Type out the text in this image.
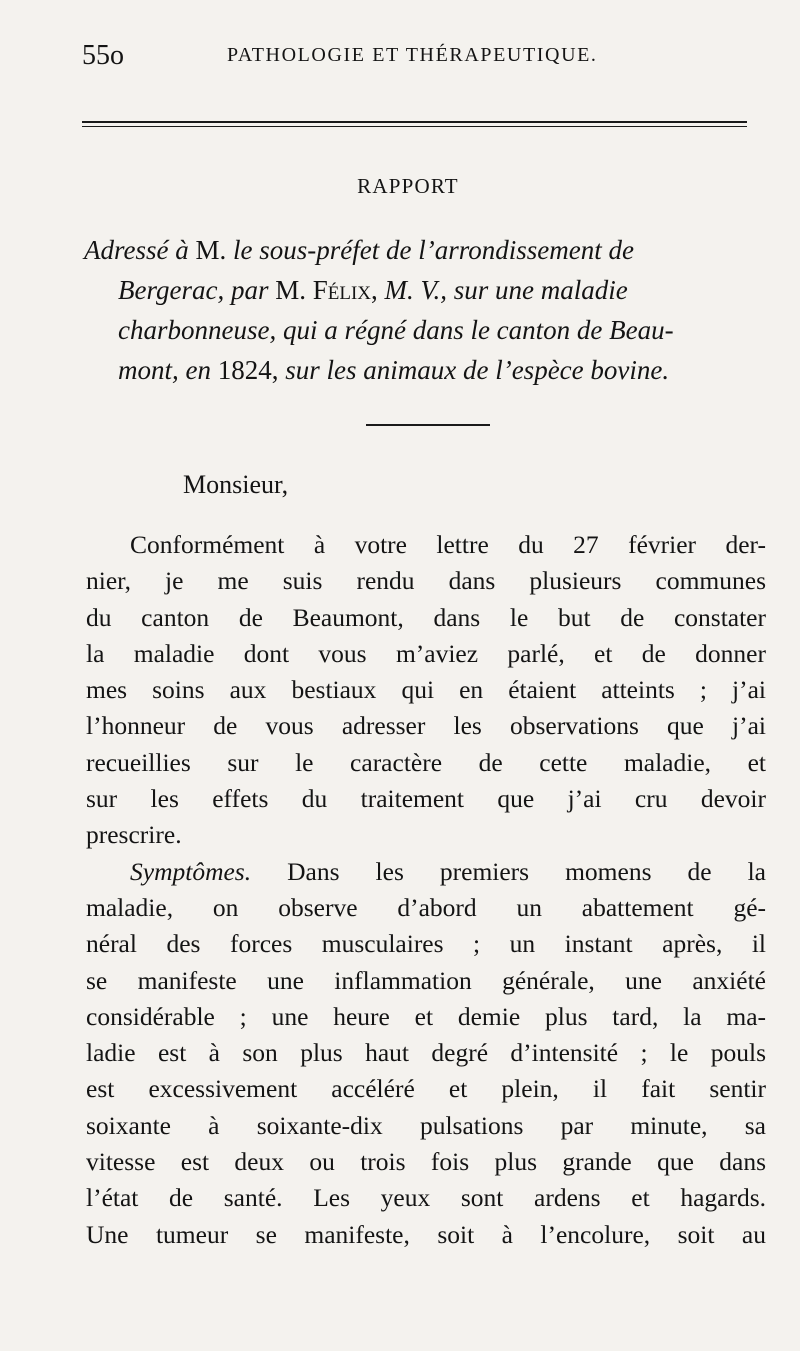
55o	PATHOLOGIE ET THÉRAPEUTIQUE.
RAPPORT
Adressé à M. le sous-préfet de l’arrondissement de
Bergerac, par M. Félix, M. V., sur une maladie
charbonneuse, qui a régné dans le canton de Beau-
mont, en 1824, sur les animaux de l’espèce bovine.
Monsieur,
Conformément à votre lettre du 27 février der-
nier, je me suis rendu dans plusieurs communes
du canton de Beaumont, dans le but de constater
la maladie dont vous m’aviez parlé, et de donner
mes soins aux bestiaux qui en étaient atteints ; j’ai
l’honneur de vous adresser les observations que j’ai
recueillies sur le caractère de cette maladie, et
sur les effets du traitement que j’ai cru devoir
prescrire.
Symptômes. Dans les premiers momens de la
maladie, on observe d’abord un abattement gé-
néral des forces musculaires ; un instant après, il
se manifeste une inflammation générale, une anxiété
considérable ; une heure et demie plus tard, la ma-
ladie est à son plus haut degré d’intensité ; le pouls
est excessivement accéléré et plein, il fait sentir
soixante à soixante-dix pulsations par minute, sa
vitesse est deux ou trois fois plus grande que dans
l’état de santé. Les yeux sont ardens et hagards.
Une tumeur se manifeste, soit à l’encolure, soit au
